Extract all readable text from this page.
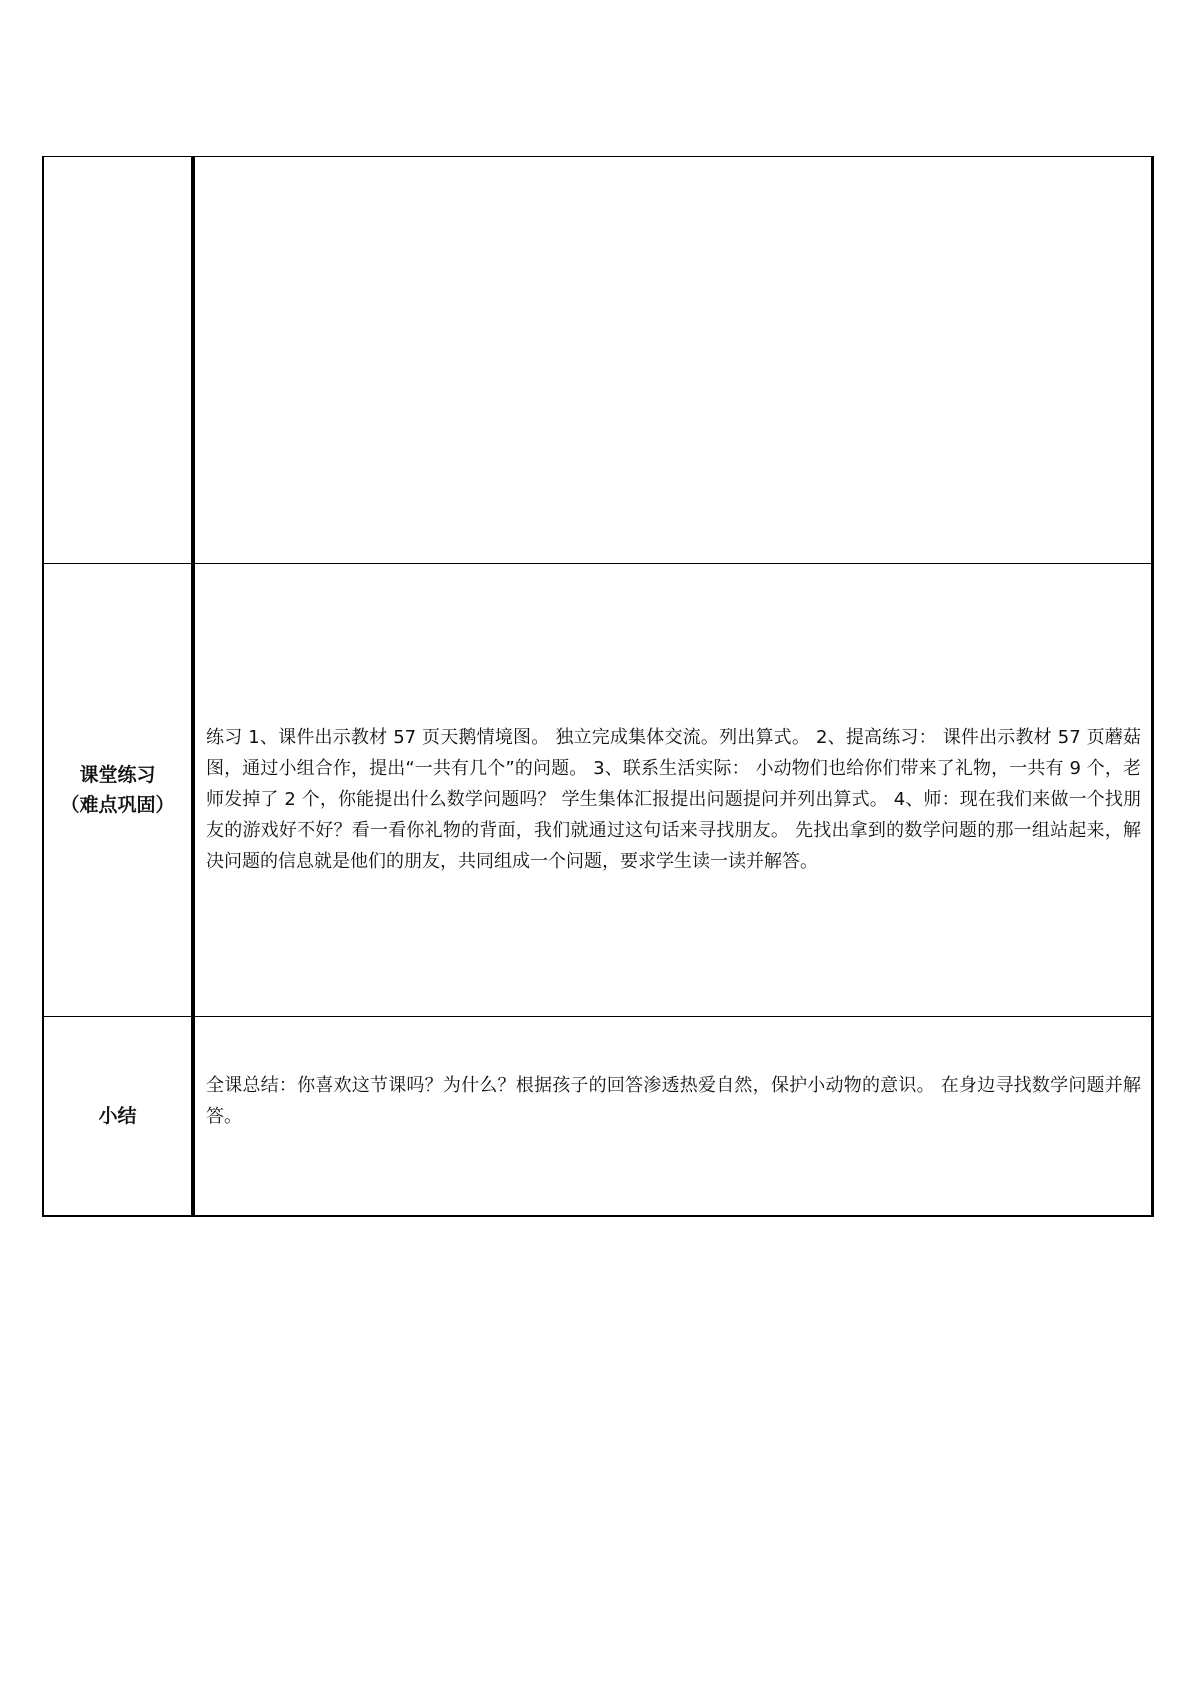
课堂练习
（难点巩固）	练习 1、课件出示教材 57 页天鹅情境图。 独立完成集体交流。列出算式。 2、提高练习： 课件出示教材 57 页蘑菇图，通过小组合作，提出“一共有几个”的问题。 3、联系生活实际： 小动物们也给你们带来了礼物，一共有 9 个，老师发掉了 2 个，你能提出什么数学问题吗？ 学生集体汇报提出问题提问并列出算式。 4、师：现在我们来做一个找朋友的游戏好不好？看一看你礼物的背面，我们就通过这句话来寻找朋友。 先找出拿到的数学问题的那一组站起来，解决问题的信息就是他们的朋友，共同组成一个问题，要求学生读一读并解答。

小结	全课总结：你喜欢这节课吗？为什么？根据孩子的回答渗透热爱自然，保护小动物的意识。 在身边寻找数学问题并解答。
